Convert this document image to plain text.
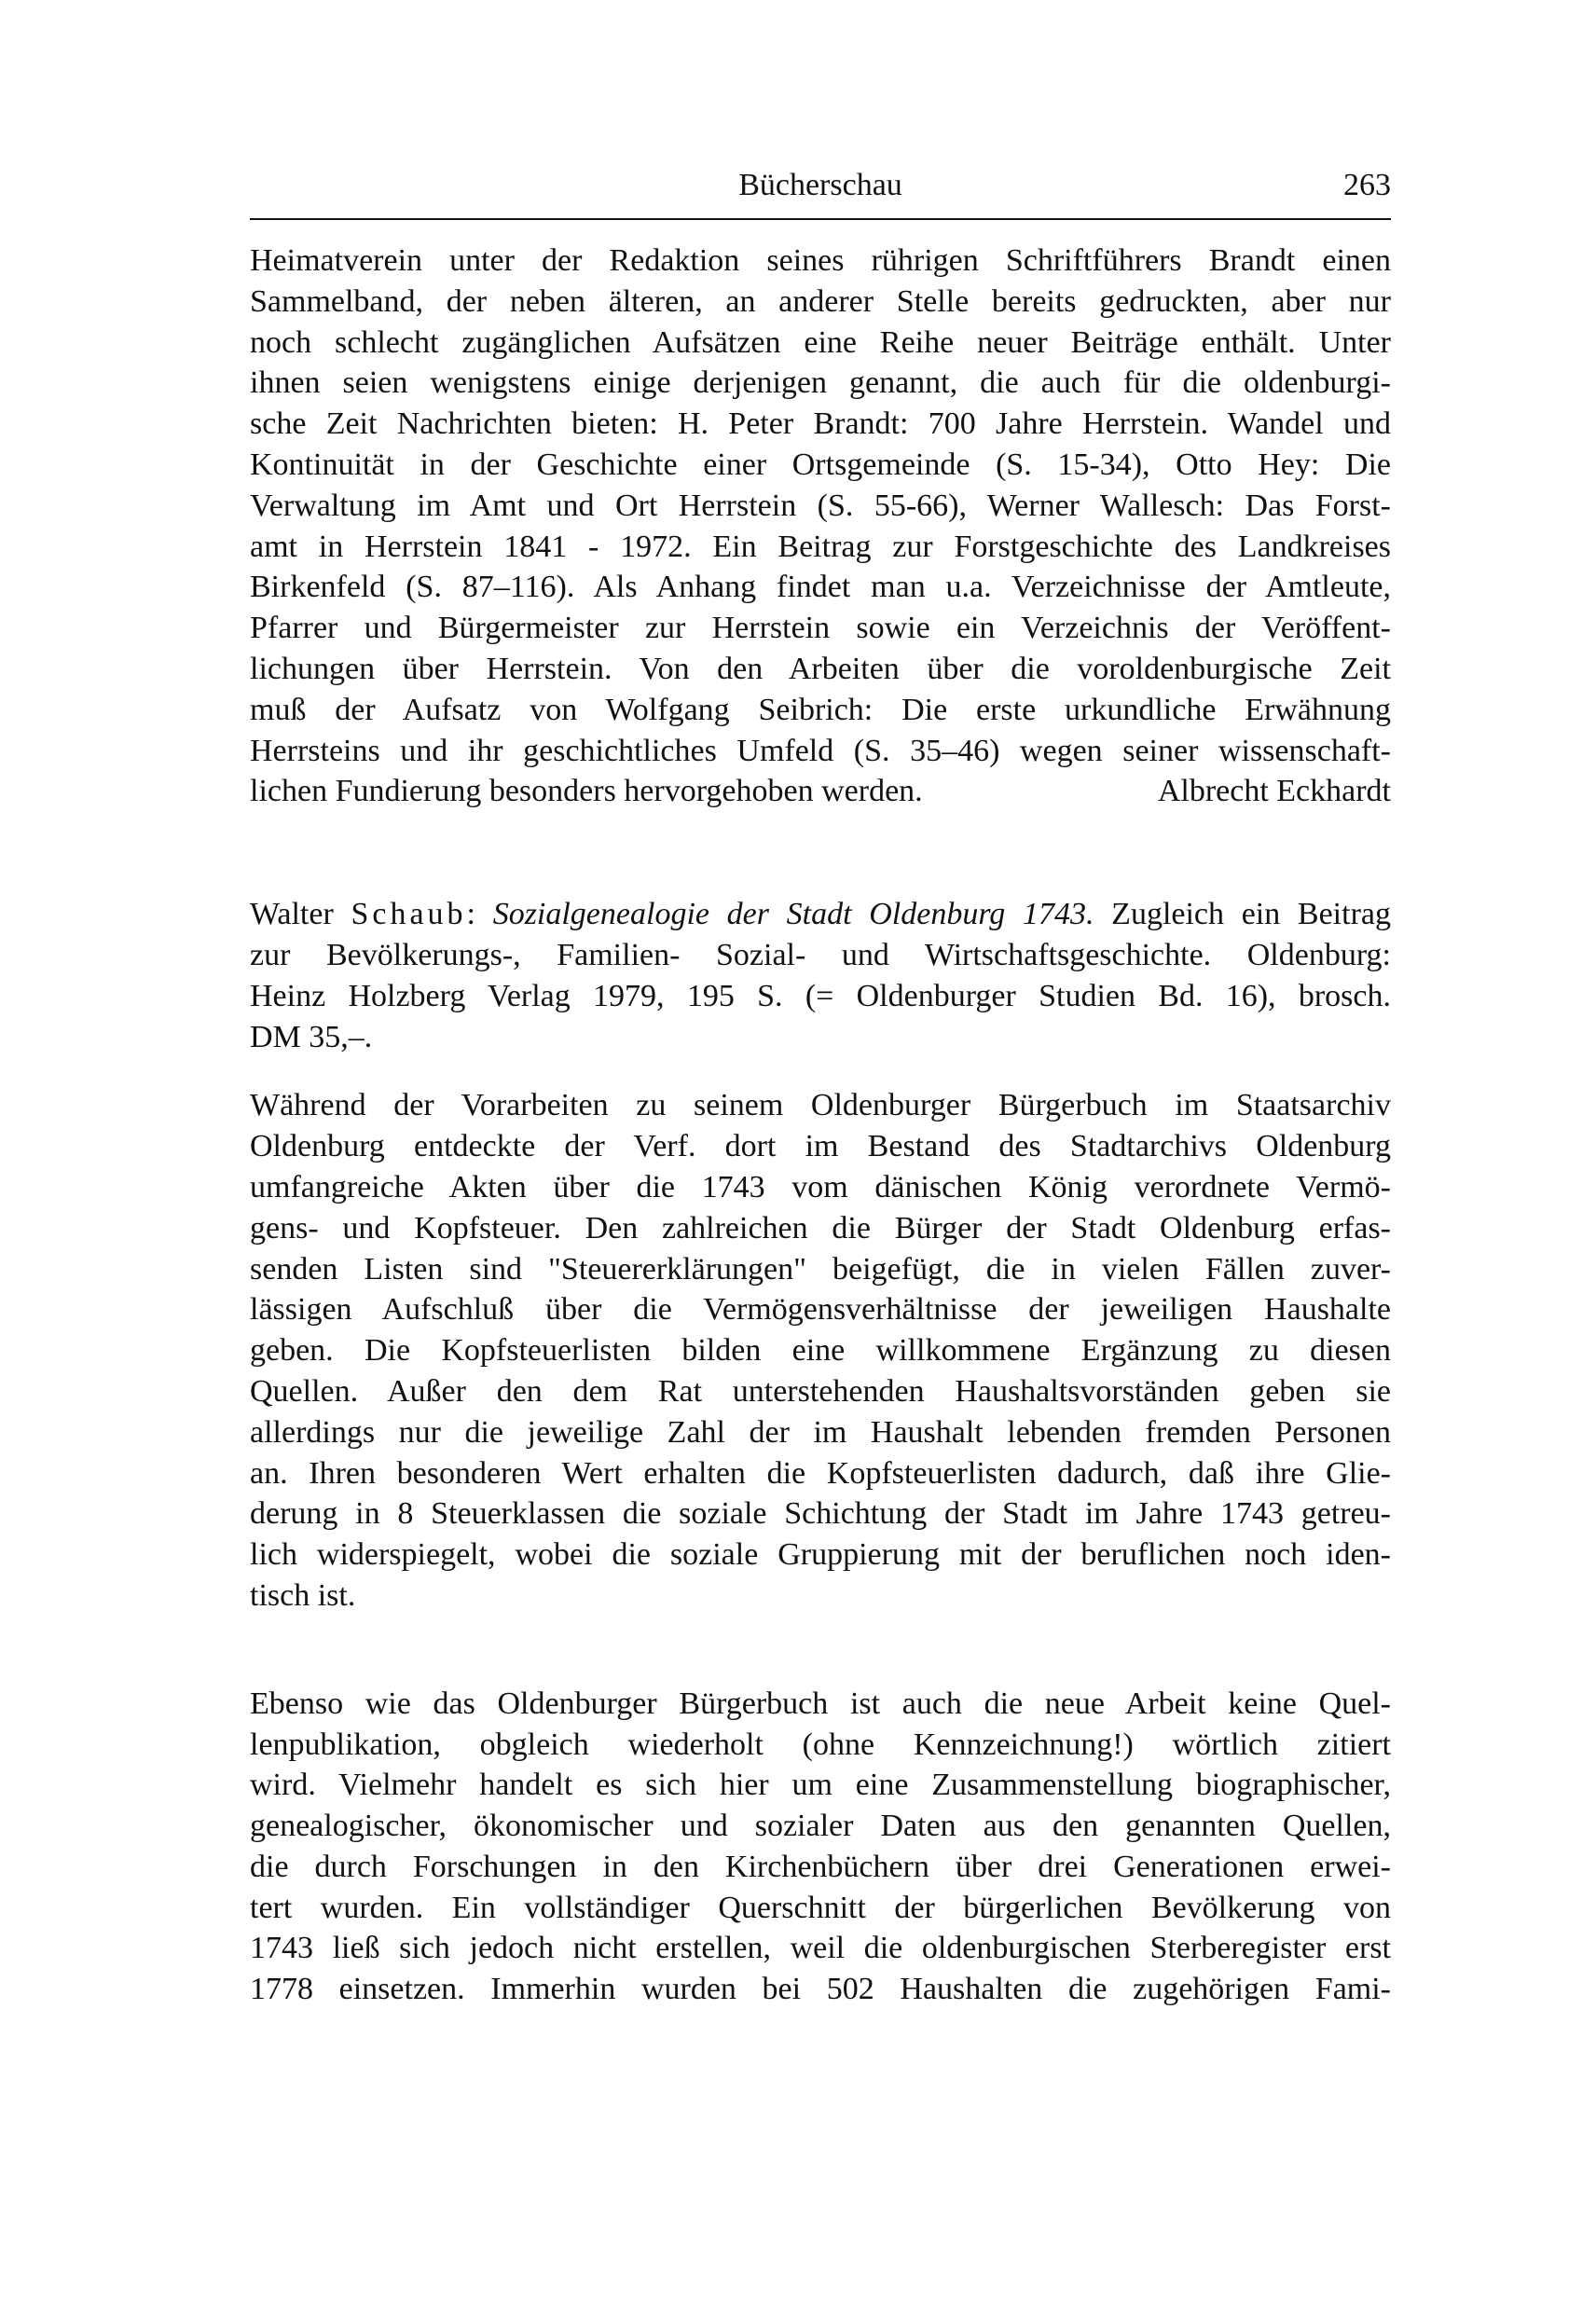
Bücherschau	263
Heimatverein unter der Redaktion seines rührigen Schriftführers Brandt einen
Sammelband, der neben älteren, an anderer Stelle bereits gedruckten, aber nur
noch schlecht zugänglichen Aufsätzen eine Reihe neuer Beiträge enthält. Unter
ihnen seien wenigstens einige derjenigen genannt, die auch für die oldenburgi-
sche Zeit Nachrichten bieten: H. Peter Brandt: 700 Jahre Herrstein. Wandel und
Kontinuität in der Geschichte einer Ortsgemeinde (S. 15-34), Otto Hey: Die
Verwaltung im Amt und Ort Herrstein (S. 55-66), Werner Wallesch: Das Forst-
amt in Herrstein 1841 - 1972. Ein Beitrag zur Forstgeschichte des Landkreises
Birkenfeld (S. 87–116). Als Anhang findet man u.a. Verzeichnisse der Amtleute,
Pfarrer und Bürgermeister zur Herrstein sowie ein Verzeichnis der Veröffent-
lichungen über Herrstein. Von den Arbeiten über die voroldenburgische Zeit
muß der Aufsatz von Wolfgang Seibrich: Die erste urkundliche Erwähnung
Herrsteins und ihr geschichtliches Umfeld (S. 35–46) wegen seiner wissenschaft-
lichen Fundierung besonders hervorgehoben werden.	Albrecht Eckhardt
Walter Schaub: Sozialgenealogie der Stadt Oldenburg 1743. Zugleich ein Beitrag
zur Bevölkerungs-, Familien- Sozial- und Wirtschaftsgeschichte. Oldenburg:
Heinz Holzberg Verlag 1979, 195 S. (= Oldenburger Studien Bd. 16), brosch.
DM 35,–.
Während der Vorarbeiten zu seinem Oldenburger Bürgerbuch im Staatsarchiv
Oldenburg entdeckte der Verf. dort im Bestand des Stadtarchivs Oldenburg
umfangreiche Akten über die 1743 vom dänischen König verordnete Vermö-
gens- und Kopfsteuer. Den zahlreichen die Bürger der Stadt Oldenburg erfas-
senden Listen sind "Steuererklärungen" beigefügt, die in vielen Fällen zuver-
lässigen Aufschluß über die Vermögensverhältnisse der jeweiligen Haushalte
geben. Die Kopfsteuerlisten bilden eine willkommene Ergänzung zu diesen
Quellen. Außer den dem Rat unterstehenden Haushaltsvorständen geben sie
allerdings nur die jeweilige Zahl der im Haushalt lebenden fremden Personen
an. Ihren besonderen Wert erhalten die Kopfsteuerlisten dadurch, daß ihre Glie-
derung in 8 Steuerklassen die soziale Schichtung der Stadt im Jahre 1743 getreu-
lich widerspiegelt, wobei die soziale Gruppierung mit der beruflichen noch iden-
tisch ist.
Ebenso wie das Oldenburger Bürgerbuch ist auch die neue Arbeit keine Quel-
lenpublikation, obgleich wiederholt (ohne Kennzeichnung!) wörtlich zitiert
wird. Vielmehr handelt es sich hier um eine Zusammenstellung biographischer,
genealogischer, ökonomischer und sozialer Daten aus den genannten Quellen,
die durch Forschungen in den Kirchenbüchern über drei Generationen erwei-
tert wurden. Ein vollständiger Querschnitt der bürgerlichen Bevölkerung von
1743 ließ sich jedoch nicht erstellen, weil die oldenburgischen Sterberegister erst
1778 einsetzen. Immerhin wurden bei 502 Haushalten die zugehörigen Fami-
